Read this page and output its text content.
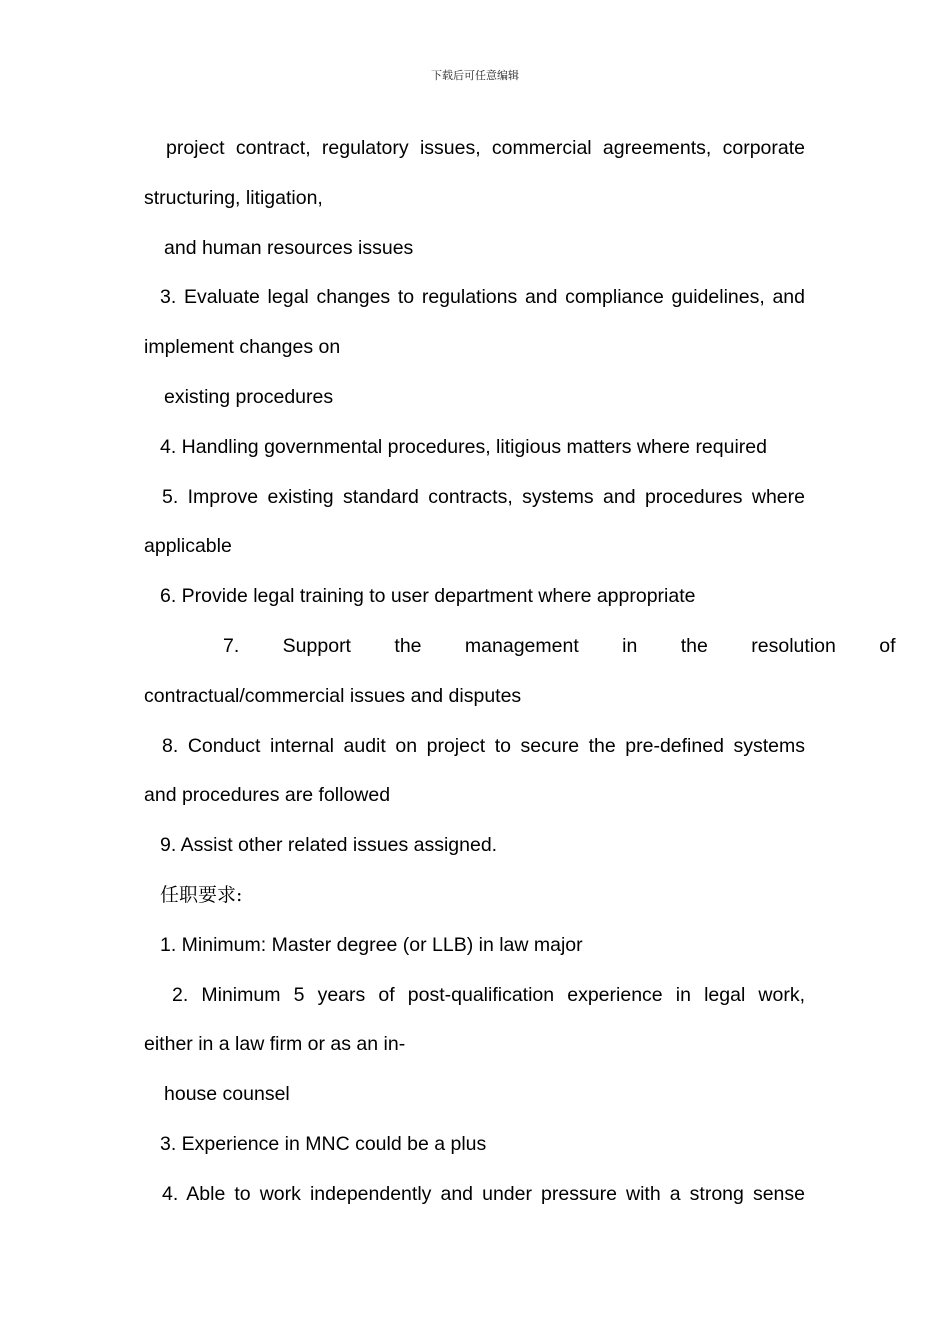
下载后可任意编辑
project contract, regulatory issues, commercial agreements, corporate
structuring, litigation,
and human resources issues
3. Evaluate legal changes to regulations and compliance guidelines, and
implement changes on
existing procedures
4. Handling governmental procedures, litigious matters where required
5. Improve existing standard contracts, systems and procedures where
applicable
6. Provide legal training to user department where appropriate
7. Support the management in the resolution of
contractual/commercial issues and disputes
8. Conduct internal audit on project to secure the pre-defined systems
and procedures are followed
9. Assist other related issues assigned.
任职要求:
1. Minimum: Master degree (or LLB) in law major
2. Minimum 5 years of post-qualification experience in legal work,
either in a law firm or as an in-
house counsel
3. Experience in MNC could be a plus
4. Able to work independently and under pressure with a strong sense
